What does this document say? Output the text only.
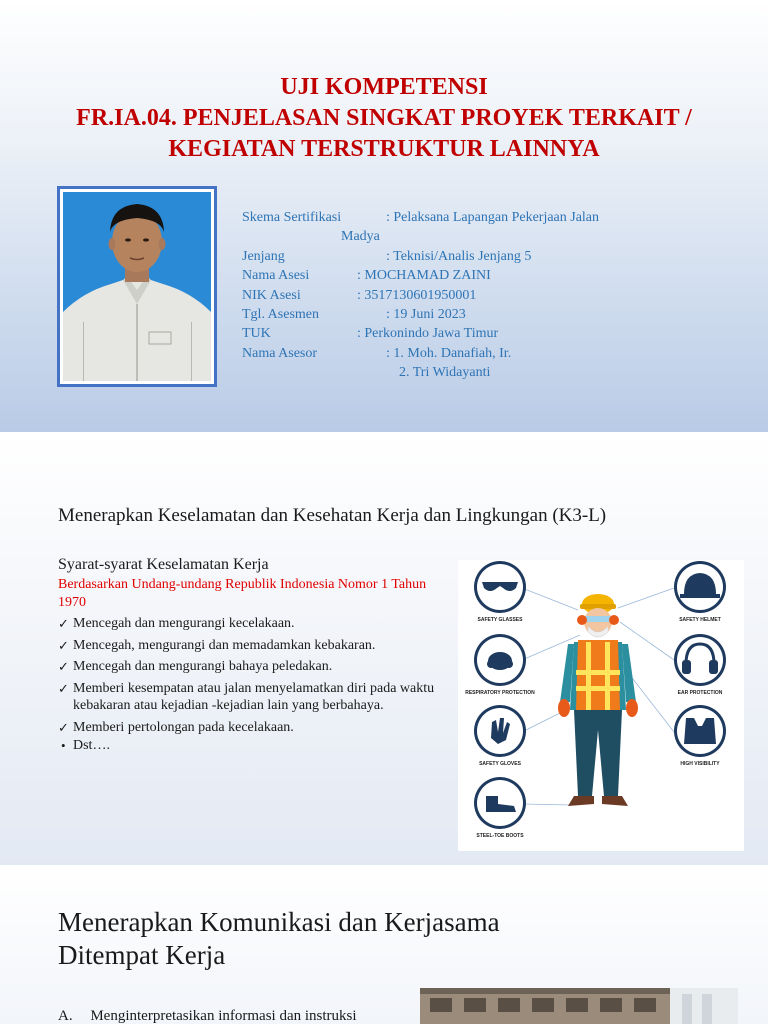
UJI KOMPETENSI
FR.IA.04. PENJELASAN SINGKAT PROYEK TERKAIT /
KEGIATAN TERSTRUKTUR LAINNYA
Skema Sertifikasi	: Pelaksana Lapangan Pekerjaan Jalan
Madya
Jenjang	: Teknisi/Analis Jenjang 5
Nama Asesi	: MOCHAMAD ZAINI
NIK Asesi	: 3517130601950001
Tgl. Asesmen	: 19 Juni 2023
TUK	: Perkonindo Jawa Timur
Nama Asesor	: 1. Moh. Danafiah, Ir.
2. Tri Widayanti
Menerapkan Keselamatan dan Kesehatan Kerja dan Lingkungan (K3-L)
Syarat-syarat Keselamatan Kerja
Berdasarkan Undang-undang Republik Indonesia Nomor 1 Tahun 1970
✓ Mencegah dan mengurangi kecelakaan.
✓ Mencegah, mengurangi dan memadamkan kebakaran.
✓ Mencegah dan mengurangi bahaya peledakan.
✓ Memberi kesempatan atau jalan menyelamatkan diri pada waktu kebakaran atau kejadian -kejadian lain yang berbahaya.
✓ Memberi pertolongan pada kecelakaan.
• Dst….
SAFETY GLASSES
RESPIRATORY PROTECTION
SAFETY GLOVES
STEEL-TOE BOOTS
SAFETY HELMET
EAR PROTECTION
HIGH VISIBILITY
Menerapkan Komunikasi dan Kerjasama
Ditempat Kerja
A. Menginterpretasikan informasi dan instruksi
